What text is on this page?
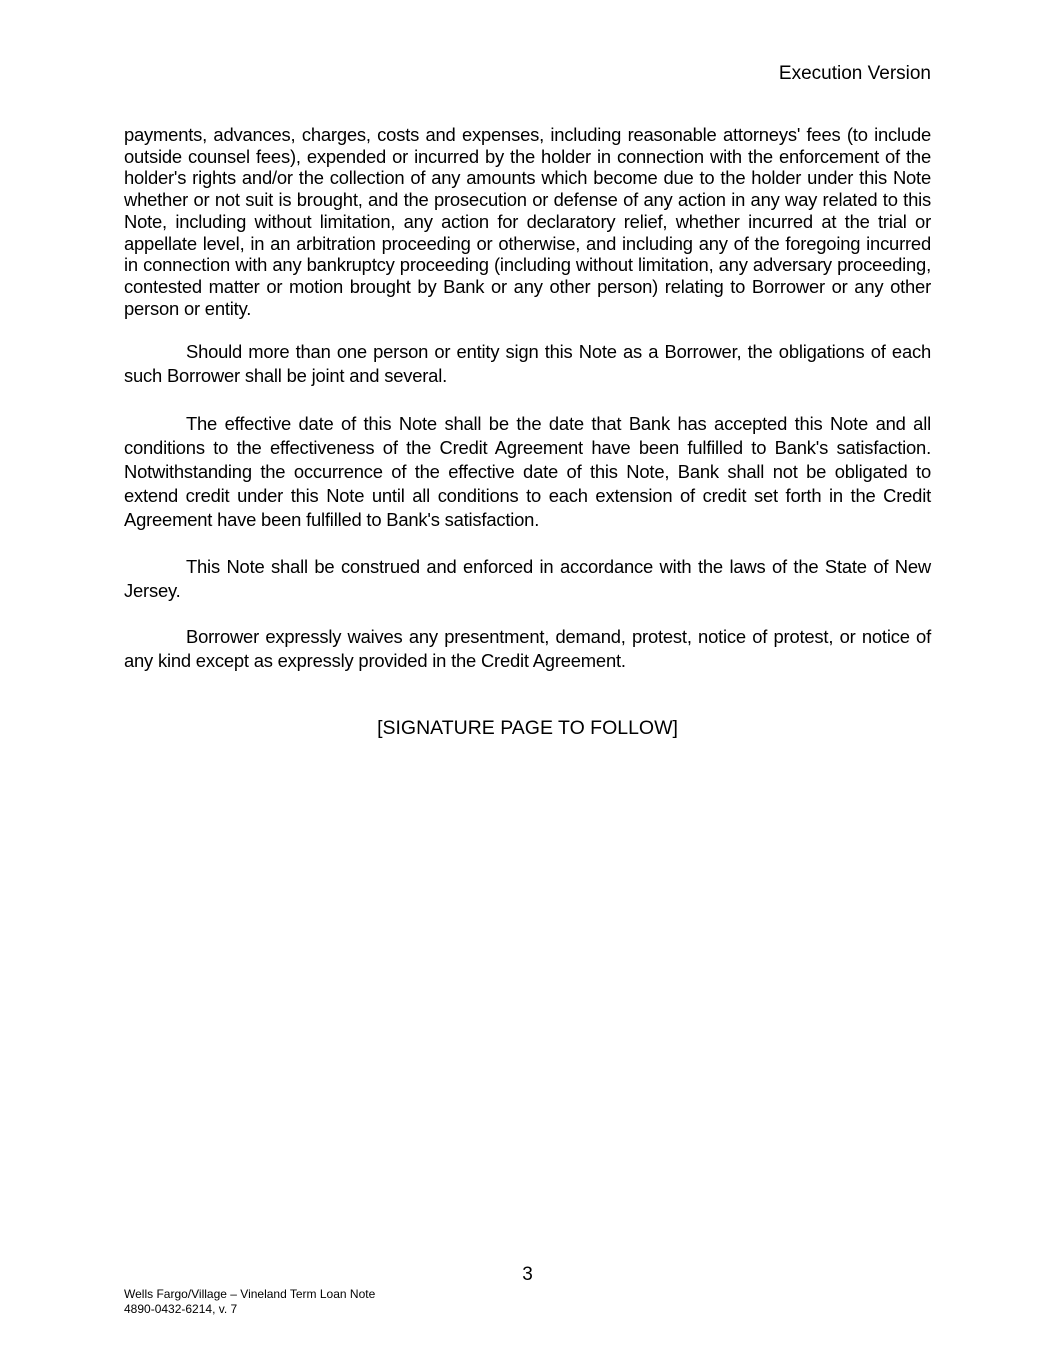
Execution Version

payments, advances, charges, costs and expenses, including reasonable attorneys' fees (to include outside counsel fees), expended or incurred by the holder in connection with the enforcement of the holder's rights and/or the collection of any amounts which become due to the holder under this Note whether or not suit is brought, and the prosecution or defense of any action in any way related to this Note, including without limitation, any action for declaratory relief, whether incurred at the trial or appellate level, in an arbitration proceeding or otherwise, and including any of the foregoing incurred in connection with any bankruptcy proceeding (including without limitation, any adversary proceeding, contested matter or motion brought by Bank or any other person) relating to Borrower or any other person or entity.

Should more than one person or entity sign this Note as a Borrower, the obligations of each such Borrower shall be joint and several.

The effective date of this Note shall be the date that Bank has accepted this Note and all conditions to the effectiveness of the Credit Agreement have been fulfilled to Bank's satisfaction. Notwithstanding the occurrence of the effective date of this Note, Bank shall not be obligated to extend credit under this Note until all conditions to each extension of credit set forth in the Credit Agreement have been fulfilled to Bank's satisfaction.

This Note shall be construed and enforced in accordance with the laws of the State of New Jersey.

Borrower expressly waives any presentment, demand, protest, notice of protest, or notice of any kind except as expressly provided in the Credit Agreement.

[SIGNATURE PAGE TO FOLLOW]
3
Wells Fargo/Village – Vineland Term Loan Note
4890-0432-6214, v. 7
